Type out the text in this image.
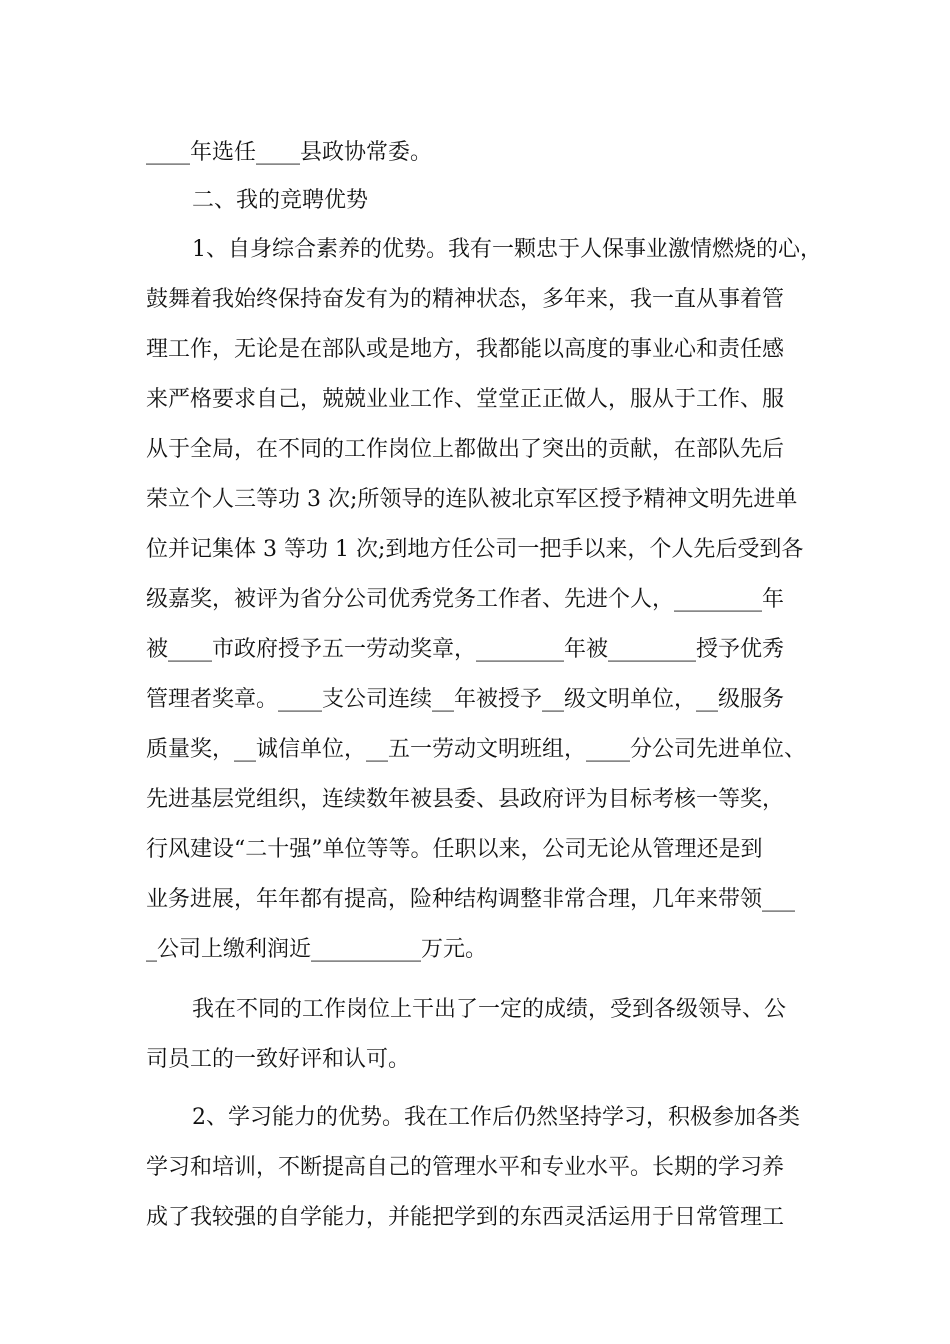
____年选任____县政协常委。
二、我的竞聘优势
1、自身综合素养的优势。我有一颗忠于人保事业激情燃烧的心，
鼓舞着我始终保持奋发有为的精神状态，多年来，我一直从事着管
理工作，无论是在部队或是地方，我都能以高度的事业心和责任感
来严格要求自己，兢兢业业工作、堂堂正正做人，服从于工作、服
从于全局，在不同的工作岗位上都做出了突出的贡献，在部队先后
荣立个人三等功 3 次;所领导的连队被北京军区授予精神文明先进单
位并记集体 3 等功 1 次;到地方任公司一把手以来，个人先后受到各
级嘉奖，被评为省分公司优秀党务工作者、先进个人，________年
被____市政府授予五一劳动奖章，________年被________授予优秀
管理者奖章。____支公司连续__年被授予__级文明单位，__级服务
质量奖，__诚信单位，__五一劳动文明班组，____分公司先进单位、
先进基层党组织，连续数年被县委、县政府评为目标考核一等奖，
行风建设“二十强”单位等等。任职以来，公司无论从管理还是到
业务进展，年年都有提高，险种结构调整非常合理，几年来带领___
_公司上缴利润近__________万元。
我在不同的工作岗位上干出了一定的成绩，受到各级领导、公
司员工的一致好评和认可。
2、学习能力的优势。我在工作后仍然坚持学习，积极参加各类
学习和培训，不断提高自己的管理水平和专业水平。长期的学习养
成了我较强的自学能力，并能把学到的东西灵活运用于日常管理工
